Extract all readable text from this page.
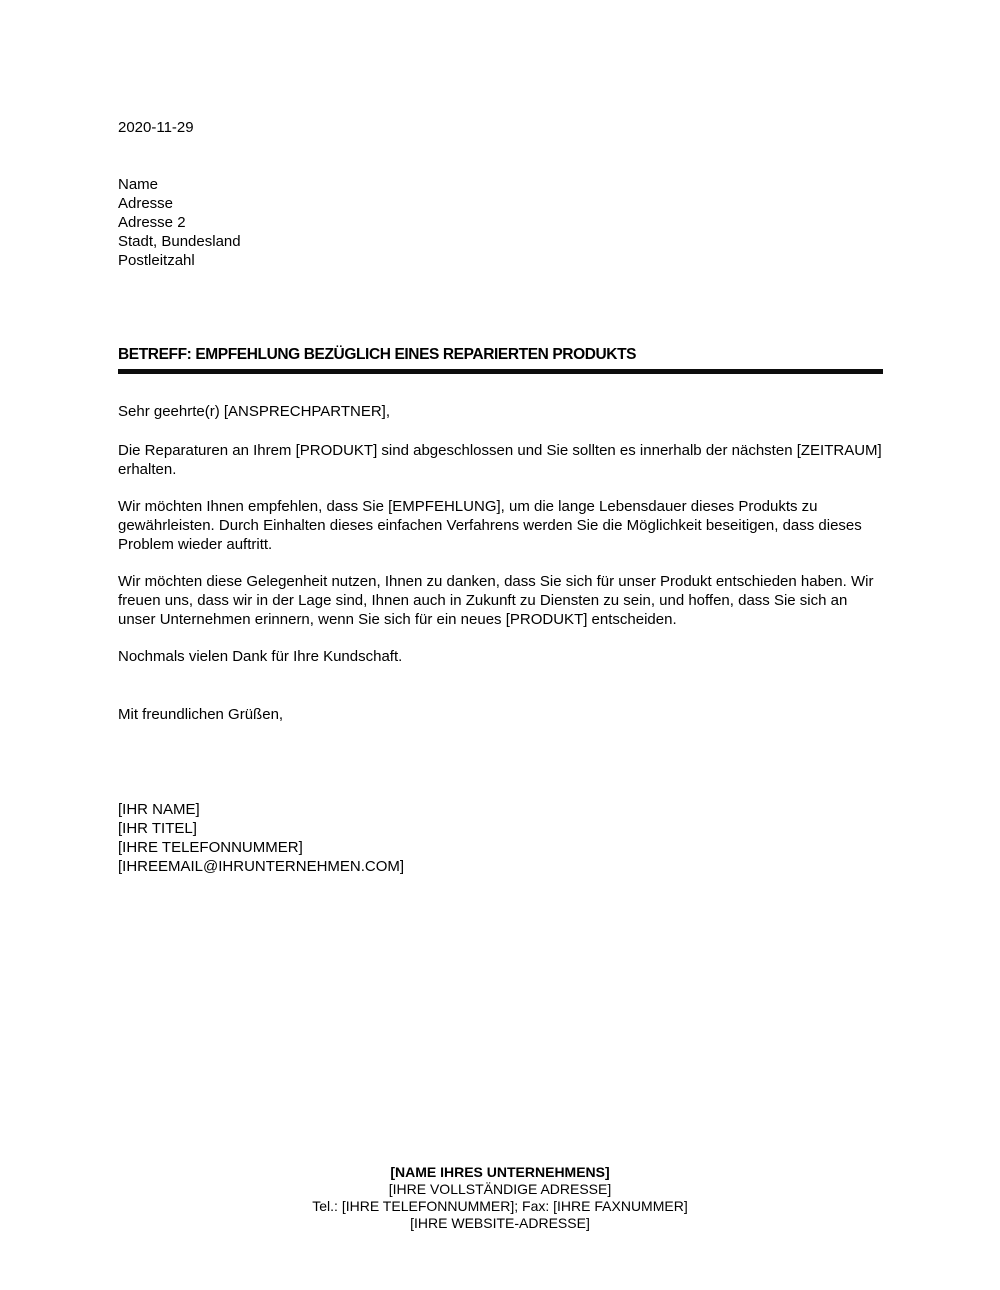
2020-11-29
Name
Adresse
Adresse 2
Stadt, Bundesland
Postleitzahl
BETREFF: EMPFEHLUNG BEZÜGLICH EINES REPARIERTEN PRODUKTS

Sehr geehrte(r) [ANSPRECHPARTNER],

Die Reparaturen an Ihrem [PRODUKT] sind abgeschlossen und Sie sollten es innerhalb der nächsten [ZEITRAUM] erhalten.

Wir möchten Ihnen empfehlen, dass Sie [EMPFEHLUNG], um die lange Lebensdauer dieses Produkts zu gewährleisten. Durch Einhalten dieses einfachen Verfahrens werden Sie die Möglichkeit beseitigen, dass dieses Problem wieder auftritt.

Wir möchten diese Gelegenheit nutzen, Ihnen zu danken, dass Sie sich für unser Produkt entschieden haben. Wir freuen uns, dass wir in der Lage sind, Ihnen auch in Zukunft zu Diensten zu sein, und hoffen, dass Sie sich an unser Unternehmen erinnern, wenn Sie sich für ein neues [PRODUKT] entscheiden.

Nochmals vielen Dank für Ihre Kundschaft.

Mit freundlichen Grüßen,

[IHR NAME]
[IHR TITEL]
[IHRE TELEFONNUMMER]
[IHREEMAIL@IHRUNTERNEHMEN.COM]
[NAME IHRES UNTERNEHMENS]
[IHRE VOLLSTÄNDIGE ADRESSE]
Tel.: [IHRE TELEFONNUMMER]; Fax: [IHRE FAXNUMMER]
[IHRE WEBSITE-ADRESSE]
